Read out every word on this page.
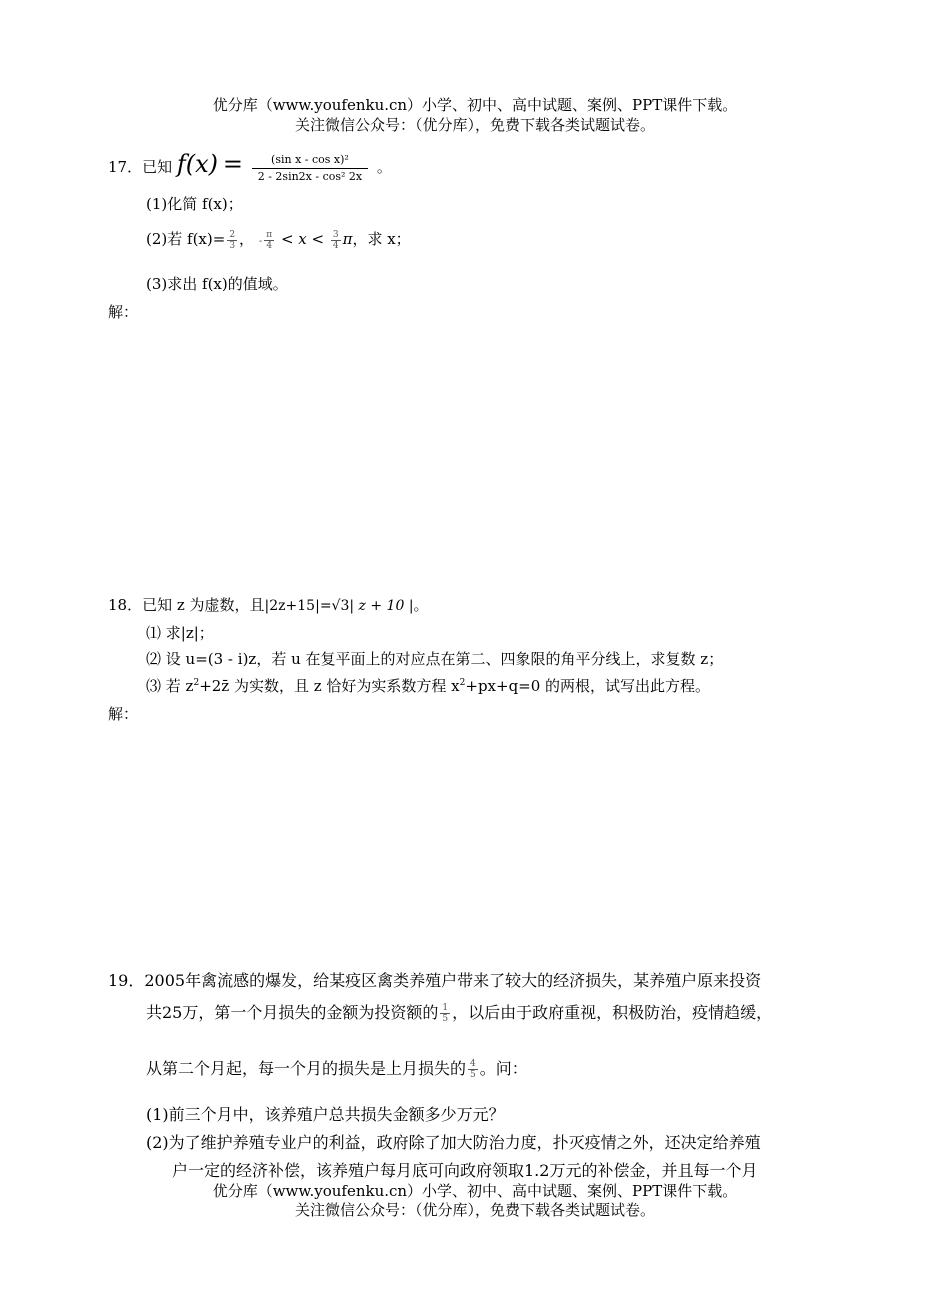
优分库（www.youfenku.cn）小学、初中、高中试题、案例、PPT课件下载。
关注微信公众号：（优分库），免费下载各类试题试卷。
17．已知 $f(x) = \frac{\text{(sin x - cos x)²}}{\text{2 - 2sin2x - cos² 2x}}$ 。
(1)化简 f(x)；
(2)若 $f(x)= \frac{2}{3}$ ， - $\frac{\pi}{4} < x < \frac{3}{4}$ π，求 x；
(3)求出 f(x)的值域。
解：
18．已知 z 为虚数，且|2z+15|=√3| z + 10 |。
⑴ 求|z|；
⑵ 设 u=(3 - i)z，若 u 在复平面上的对应点在第二、四象限的角平分线上，求复数 z；
⑶ 若 $z^2+2z̄$ 为实数，且 z 恰好为实系数方程 $x^2+px+q=0$ 的两根，试写出此方程。
解：
19．2005年禽流感的爆发，给某疫区禽类养殖户带来了较大的经济损失，某养殖户原来投资
共25万，第一个月损失的金额为投资额的 $\frac{1}{5}$ ，以后由于政府重视，积极防治，疫情趋缓，
从第二个月起，每一个月的损失是上月损失的 $\frac{4}{5}$ 。问：
(1)前三个月中，该养殖户总共损失金额多少万元？
(2)为了维护养殖专业户的利益，政府除了加大防治力度，扑灭疫情之外，还决定给养殖
户一定的经济补偿，该养殖户每月底可向政府领取1.2万元的补偿金，并且每一个月
优分库（www.youfenku.cn）小学、初中、高中试题、案例、PPT课件下载。
关注微信公众号：（优分库），免费下载各类试题试卷。
